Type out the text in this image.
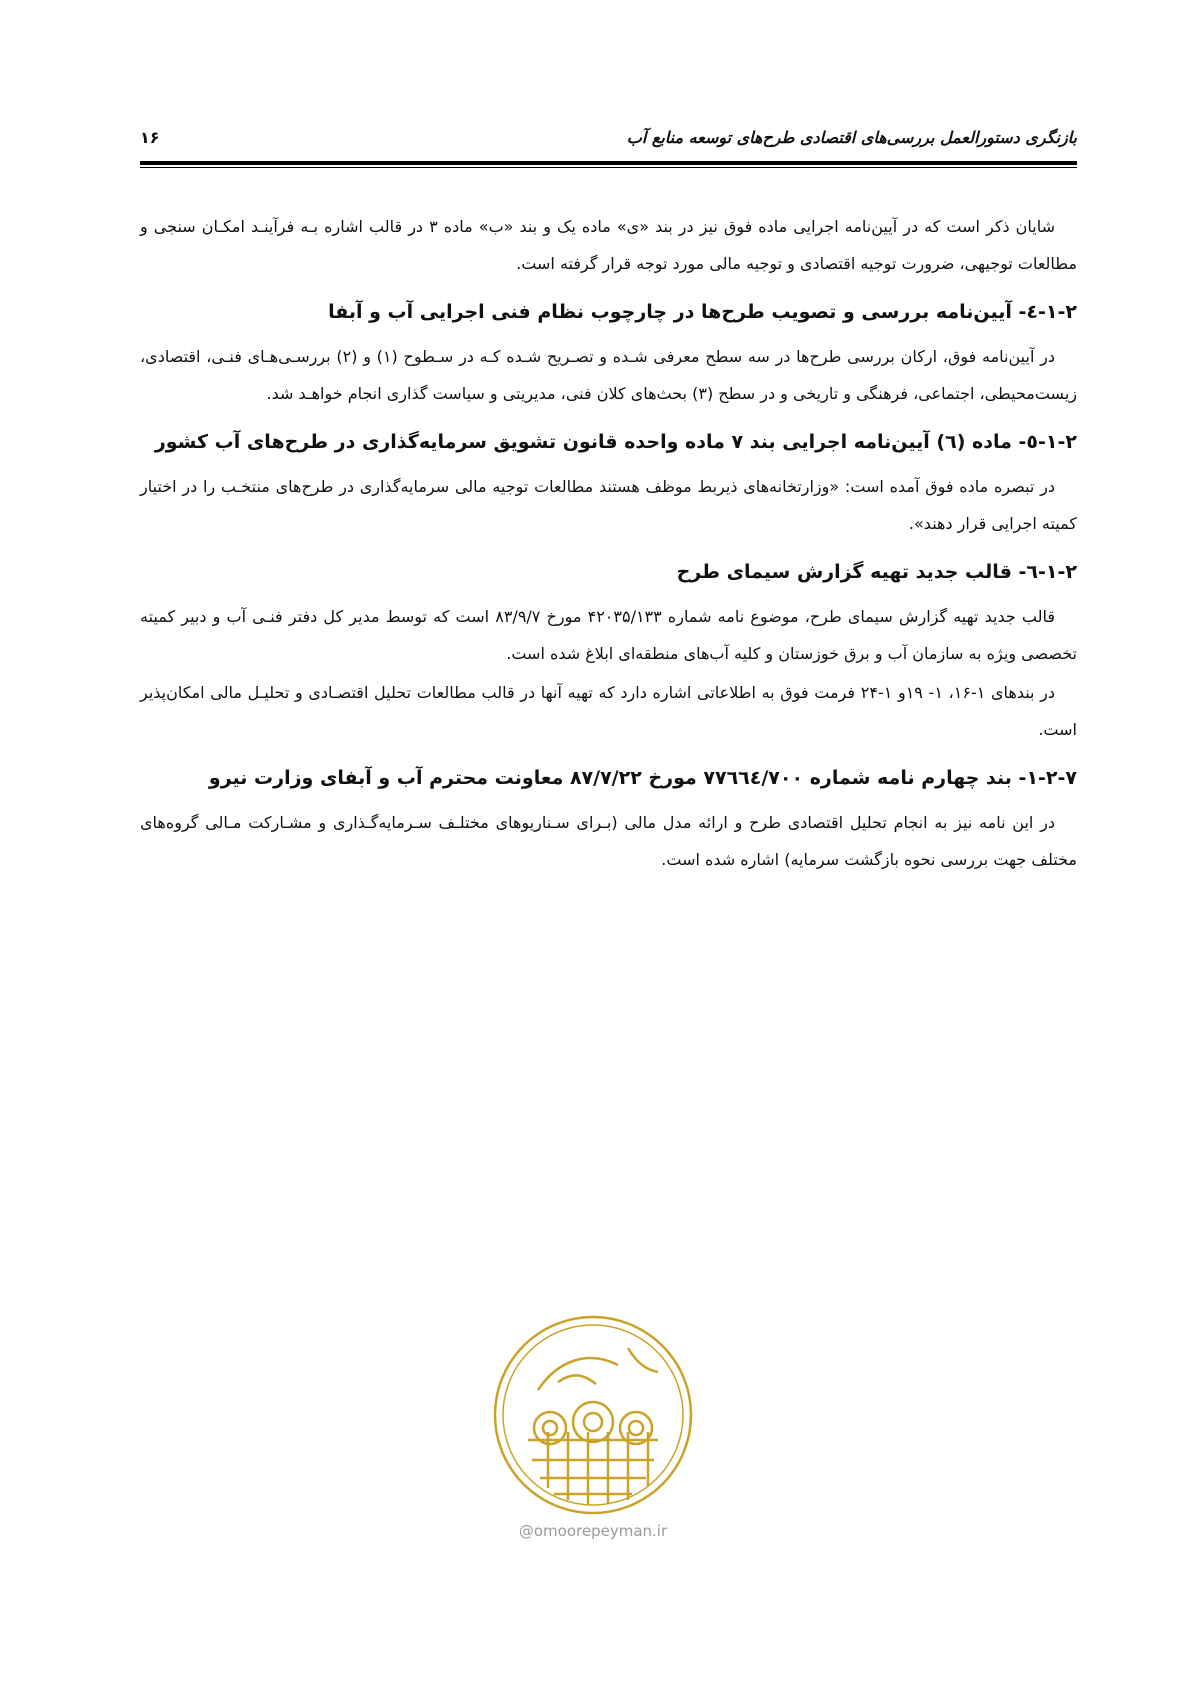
بازنگری دستورالعمل بررسی‌های اقتصادی طرح‌های توسعه منابع آب
۱۶

شایان ذکر است که در آیین‌نامه اجرایی ماده فوق نیز در بند «ی» ماده یک و بند «ب» ماده ۳ در قالب اشاره بـه فرآینـد امکـان سنجی و مطالعات توجیهی، ضرورت توجیه اقتصادی و توجیه مالی مورد توجه قرار گرفته است.

۱-۲-٤- آیین‌نامه بررسی و تصویب طرح‌ها در چارچوب نظام فنی اجرایی آب و آبفا

در آیین‌نامه فوق، ارکان بررسی طرح‌ها در سه سطح معرفی شـده و تصـریح شـده کـه در سـطوح (۱) و (۲) بررسـی‌هـای فنـی، اقتصادی، زیست‌محیطی، اجتماعی، فرهنگی و تاریخی و در سطح (۳) بحث‌های کلان فنی، مدیریتی و سیاست گذاری انجام خواهـد شد.

۱-۲-٥- ماده (٦) آیین‌نامه اجرایی بند ۷ ماده واحده قانون تشویق سرمایه‌گذاری در طرح‌های آب کشور

در تبصره ماده فوق آمده است: «وزارتخانه‌های ذیربط موظف هستند مطالعات توجیه مالی سرمایه‌گذاری در طرح‌های منتخـب را در اختیار کمیته اجرایی قرار دهند».

۱-۲-٦- قالب جدید تهیه گزارش سیمای طرح

قالب جدید تهیه گزارش سیمای طرح، موضوع نامه شماره ۴۲۰۳۵/۱۳۳ مورخ ۸۳/۹/۷ است که توسط مدیر کل دفتر فنـی آب و دبیر کمیته تخصصی ویژه به سازمان آب و برق خوزستان و کلیه آب‌های منطقه‌ای ابلاغ شده است.

در بندهای ۱-۱۶، ۱- ۱۹و ۱-۲۴ فرمت فوق به اطلاعاتی اشاره دارد که تهیه آنها در قالب مطالعات تحلیل اقتصـادی و تحلیـل مالی امکان‌پذیر است.

۱-۲-۷- بند چهارم نامه شماره ۷۷٦٦٤/۷۰۰ مورخ ۸۷/۷/۲۲ معاونت محترم آب و آبفای وزارت نیرو

در این نامه نیز به انجام تحلیل اقتصادی طرح و ارائه مدل مالی (بـرای سـناریوهای مختلـف سـرمایه‌گـذاری و مشـارکت مـالی گروه‌های مختلف جهت بررسی نحوه بازگشت سرمایه) اشاره شده است.

@omoorepeyman.ir
